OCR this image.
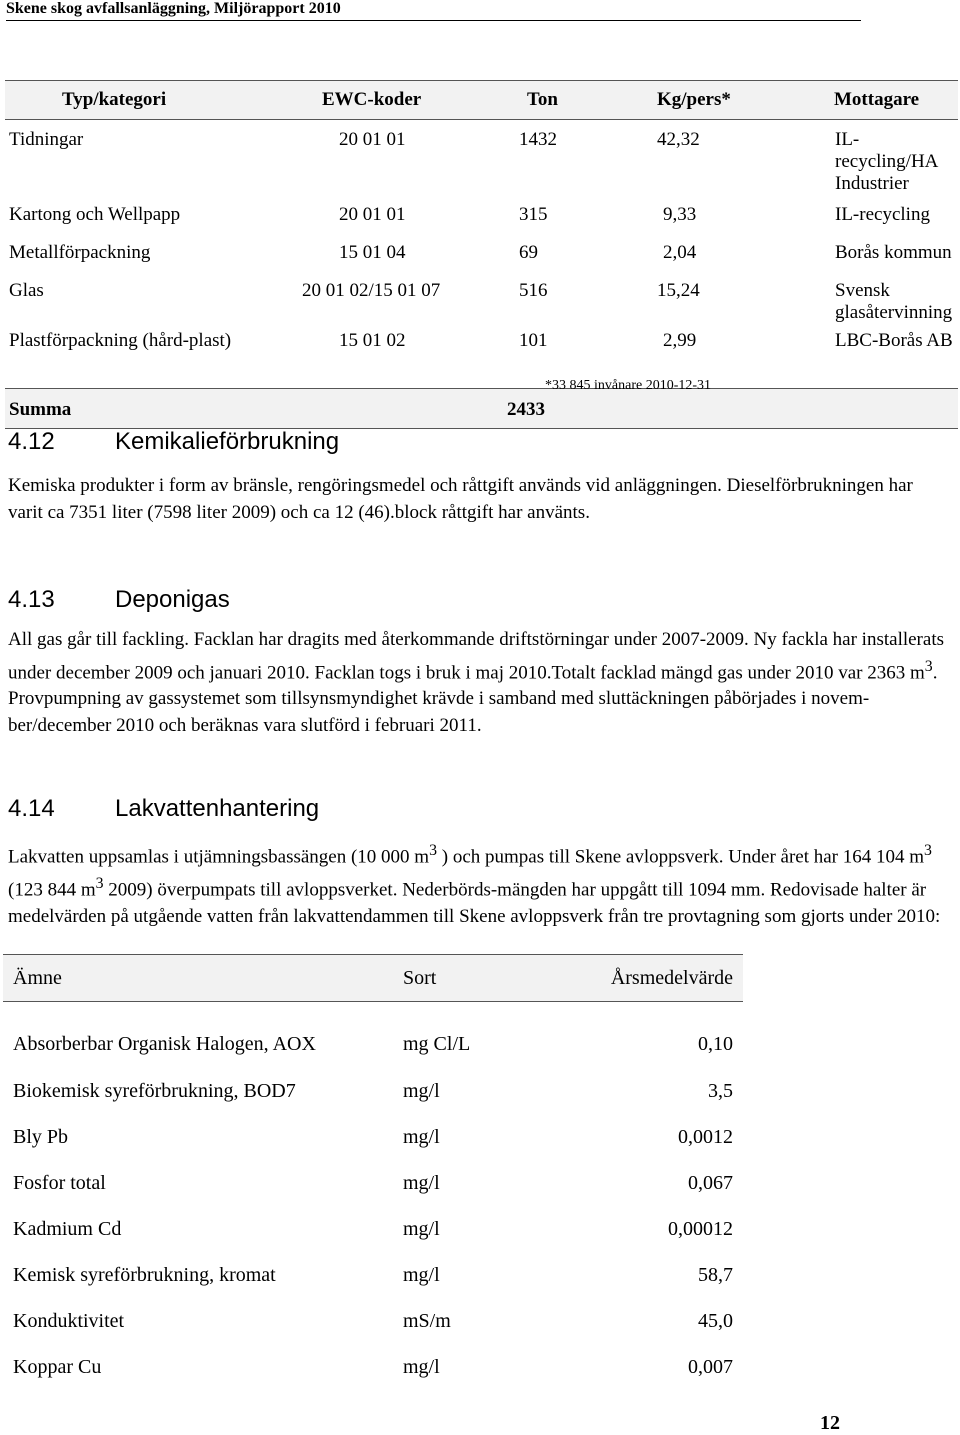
Skene skog avfallsanläggning, Miljörapport 2010
Typ/kategori	EWC-koder	Ton	Kg/pers*	Mottagare
Tidningar	20 01 01	1432	42,32	IL-recycling/HA Industrier
Kartong och Wellpapp	20 01 01	315	9,33	IL-recycling
Metallförpackning	15 01 04	69	2,04	Borås kommun
Glas	20 01 02/15 01 07	516	15,24	Svensk glasåtervinning
Plastförpackning (hård-plast)	15 01 02	101	2,99	LBC-Borås AB
Summa		2433		
*33 845 invånare 2010-12-31
4.12	Kemikalieförbrukning

Kemiska produkter i form av bränsle, rengöringsmedel och råttgift används vid anläggningen. Dieselförbrukningen har varit ca 7351 liter (7598 liter 2009) och ca 12 (46).block råttgift har använts.

4.13	Deponigas

All gas går till fackling. Facklan har dragits med återkommande driftstörningar under 2007-2009. Ny fackla har installerats under december 2009 och januari 2010. Facklan togs i bruk i maj 2010.Totalt facklad mängd gas under 2010 var 2363 $m^3$. Provpumpning av gassystemet som tillsynsmyndighet krävde i samband med sluttäckningen påbörjades i novem-ber/december 2010 och beräknas vara slutförd i februari 2011.

4.14	Lakvattenhantering

Lakvatten uppsamlas i utjämningsbassängen (10 000 $m^3$ ) och pumpas till Skene avloppsverk. Under året har 164 104 $m^3$ (123 844 $m^3$ 2009) överpumpats till avloppsverket. Nederbörds-mängden har uppgått till 1094 mm. Redovisade halter är medelvärden på utgående vatten från lakvattendammen till Skene avloppsverk från tre provtagning som gjorts under 2010:

Ämne	Sort	Årsmedelvärde
Absorberbar Organisk Halogen, AOX	mg Cl/L	0,10
Biokemisk syreförbrukning, BOD7	mg/l	3,5
Bly Pb	mg/l	0,0012
Fosfor total	mg/l	0,067
Kadmium Cd	mg/l	0,00012
Kemisk syreförbrukning, kromat	mg/l	58,7
Konduktivitet	mS/m	45,0
Koppar Cu	mg/l	0,007
12
